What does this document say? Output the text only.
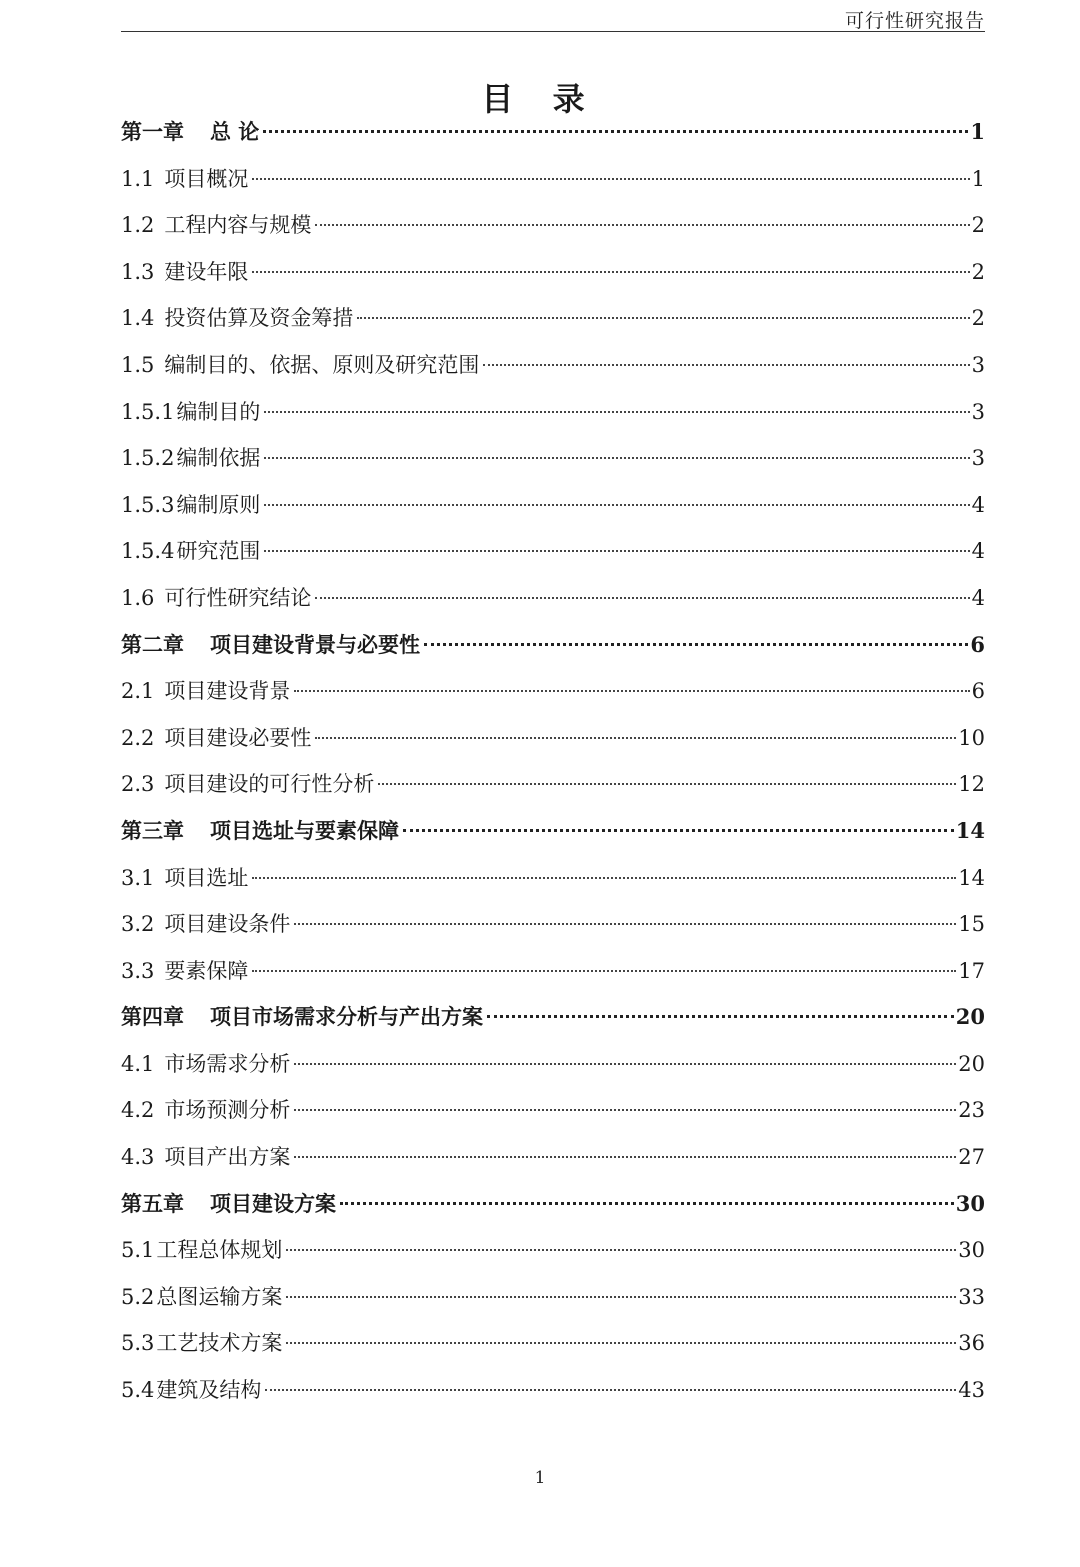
可行性研究报告
目 录
第一章 总 论	1
1.1 项目概况	1
1.2 工程内容与规模	2
1.3 建设年限	2
1.4 投资估算及资金筹措	2
1.5 编制目的、依据、原则及研究范围	3
1.5.1编制目的	3
1.5.2编制依据	3
1.5.3编制原则	4
1.5.4研究范围	4
1.6 可行性研究结论	4
第二章 项目建设背景与必要性	6
2.1 项目建设背景	6
2.2 项目建设必要性	10
2.3 项目建设的可行性分析	12
第三章 项目选址与要素保障	14
3.1 项目选址	14
3.2 项目建设条件	15
3.3 要素保障	17
第四章 项目市场需求分析与产出方案	20
4.1 市场需求分析	20
4.2 市场预测分析	23
4.3 项目产出方案	27
第五章 项目建设方案	30
5.1工程总体规划	30
5.2总图运输方案	33
5.3工艺技术方案	36
5.4建筑及结构	43
1
